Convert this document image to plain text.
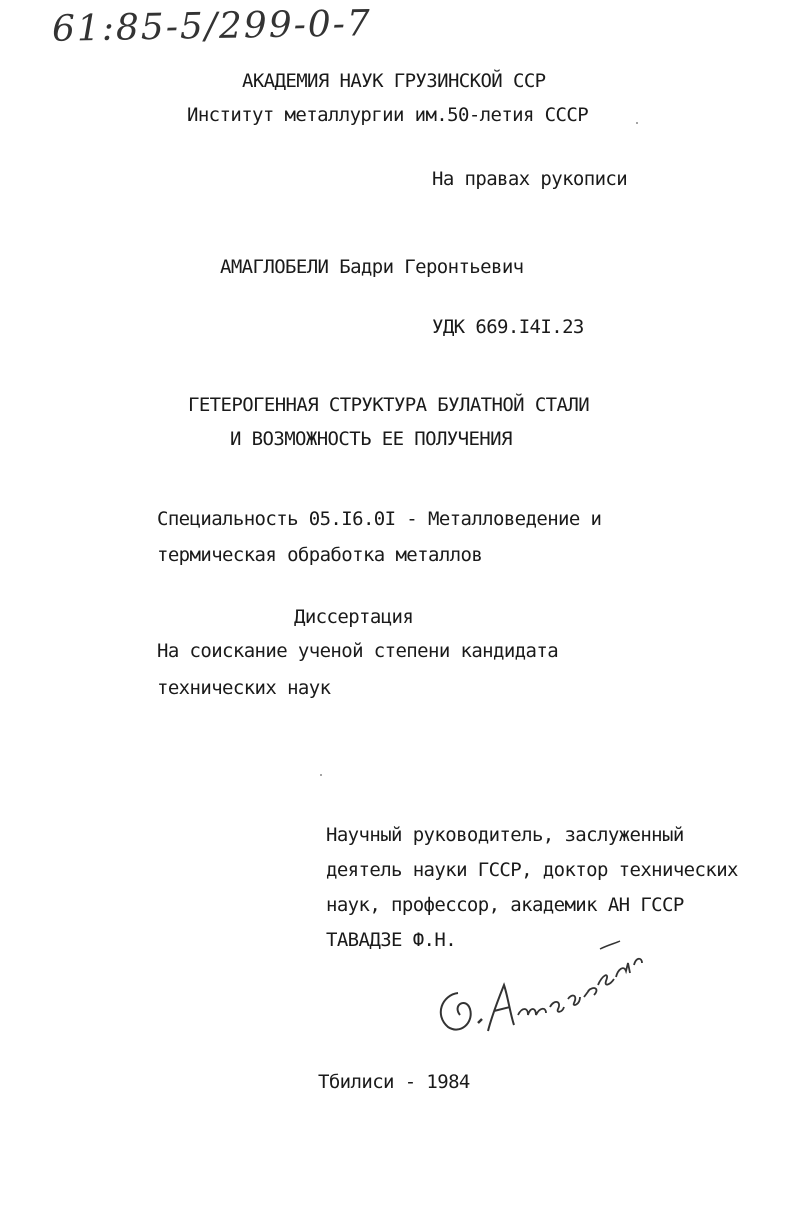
61:85-5/299-0-7
АКАДЕМИЯ НАУК ГРУЗИНСКОЙ ССР
Институт металлургии им.50-летия СССР
На правах рукописи
АМАГЛОБЕЛИ Бадри Геронтьевич
УДК 669.I4I.23
ГЕТЕРОГЕННАЯ СТРУКТУРА БУЛАТНОЙ СТАЛИ
И ВОЗМОЖНОСТЬ ЕЕ ПОЛУЧЕНИЯ
Специальность 05.I6.0I - Металловедение и
термическая обработка металлов
Диссертация
На соискание ученой степени кандидата
технических наук
Научный руководитель, заслуженный
деятель науки ГССР, доктор технических
наук, профессор, академик АН ГССР
ТАВАДЗЕ Ф.Н.
Тбилиси - 1984
